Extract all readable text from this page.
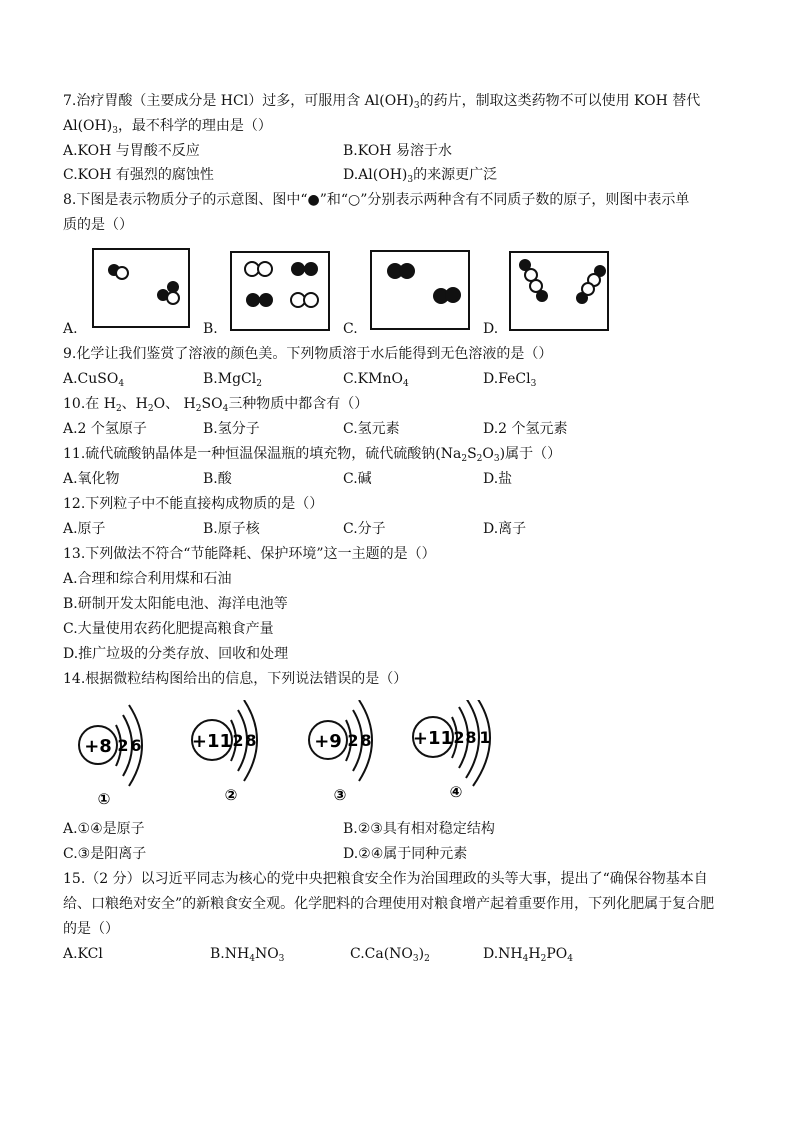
7.治疗胃酸（主要成分是 HCl）过多，可服用含 $Al(OH)_3$的药片，制取这类药物不可以使用 KOH 替代
$Al(OH)_3$，最不科学的理由是（）
A.KOH 与胃酸不反应	B.KOH 易溶于水
C.KOH 有强烈的腐蚀性	$D.Al(OH)_3$的来源更广泛
8.下图是表示物质分子的示意图、图中“●”和“○”分别表示两种含有不同质子数的原子，则图中表示单
质的是（）
A.	B.	C.	D.
9.化学让我们鉴赏了溶液的颜色美。下列物质溶于水后能得到无色溶液的是（）
A.CuSO$_4$	B.MgCl$_2$	C.KMnO$_4$	D.FeCl$_3$
10.在 $H_2$、$H_2O$、 $H_2SO_4$三种物质中都含有（）
A.2 个氢原子	B.氢分子	C.氢元素	D.2 个氢元素
11.硫代硫酸钠晶体是一种恒温保温瓶的填充物，硫代硫酸钠$(Na_2S_2O_3)$属于（）
A.氧化物	B.酸	C.碱	D.盐
12.下列粒子中不能直接构成物质的是（）
A.原子	B.原子核	C.分子	D.离子
13.下列做法不符合“节能降耗、保护环境”这一主题的是（）
A.合理和综合利用煤和石油
B.研制开发太阳能电池、海洋电池等
C.大量使用农药化肥提高粮食产量
D.推广垃圾的分类存放、回收和处理
14.根据微粒结构图给出的信息，下列说法错误的是（）
+8 2 6
①
+11 2 8
②
+9 2 8
③
+11 2 8 1
④
A.①④是原子	B.②③具有相对稳定结构
C.③是阳离子	D.②④属于同种元素
15.（2 分）以习近平同志为核心的党中央把粮食安全作为治国理政的头等大事，提出了“确保谷物基本自
给、口粮绝对安全”的新粮食安全观。化学肥料的合理使用对粮食增产起着重要作用，下列化肥属于复合肥
的是（）
A.KCl	$B.NH_4NO_3$	$C.Ca(NO_3)_2$	$D.NH_4H_2PO_4$
